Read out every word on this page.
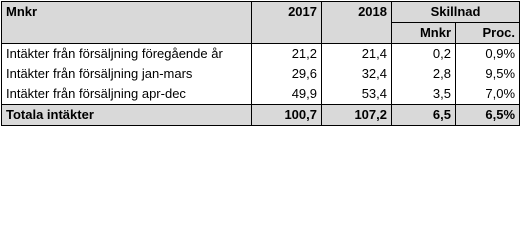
Mnkr	2017	2018	Skillnad	
			Mnkr	Proc.
Intäkter från försäljning föregående år	21,2	21,4	0,2	0,9%
Intäkter från försäljning jan-mars	29,6	32,4	2,8	9,5%
Intäkter från försäljning apr-dec	49,9	53,4	3,5	7,0%
Totala intäkter	100,7	107,2	6,5	6,5%
